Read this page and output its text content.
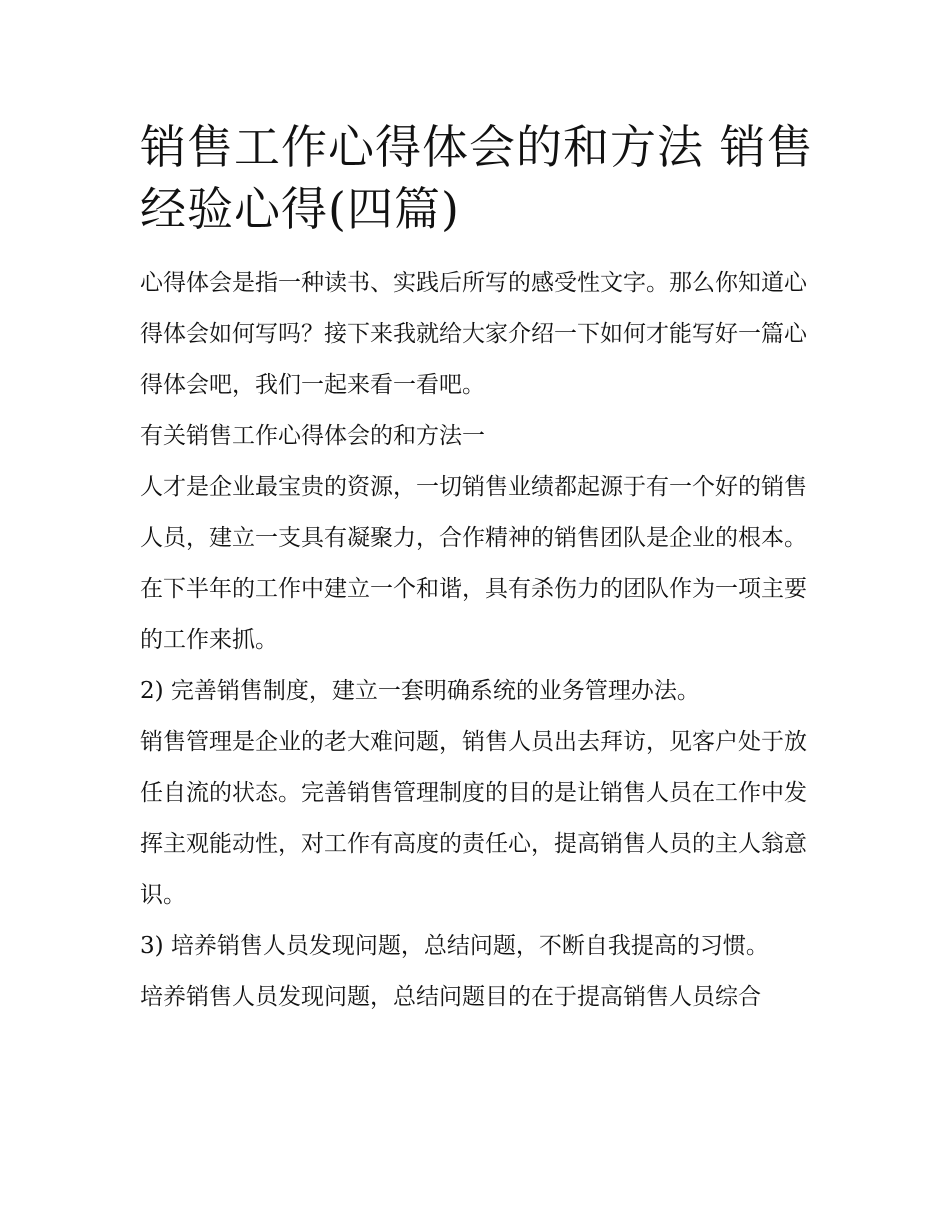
销售工作心得体会的和方法 销售经验心得(四篇)

心得体会是指一种读书、实践后所写的感受性文字。那么你知道心得体会如何写吗？接下来我就给大家介绍一下如何才能写好一篇心得体会吧，我们一起来看一看吧。

有关销售工作心得体会的和方法一

人才是企业最宝贵的资源，一切销售业绩都起源于有一个好的销售人员，建立一支具有凝聚力，合作精神的销售团队是企业的根本。在下半年的工作中建立一个和谐，具有杀伤力的团队作为一项主要的工作来抓。

2) 完善销售制度，建立一套明确系统的业务管理办法。

销售管理是企业的老大难问题，销售人员出去拜访，见客户处于放任自流的状态。完善销售管理制度的目的是让销售人员在工作中发挥主观能动性，对工作有高度的责任心，提高销售人员的主人翁意识。

3) 培养销售人员发现问题，总结问题，不断自我提高的习惯。

培养销售人员发现问题，总结问题目的在于提高销售人员综合
